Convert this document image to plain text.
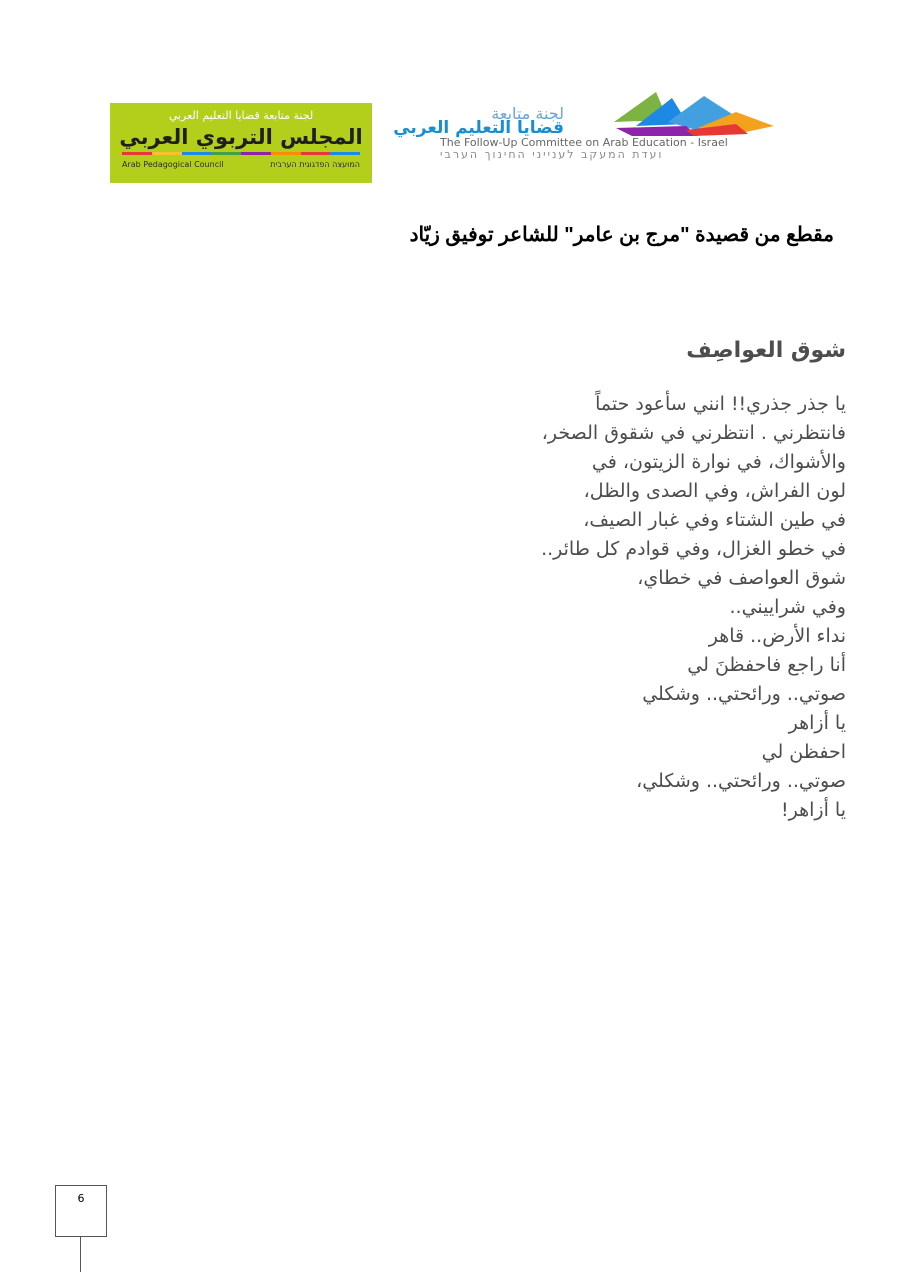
لجنة متابعة قضايا التعليم العربي
المجلس التربوي العربي
Arab Pedagogical Council	המועצה הפדגוגית הערבית
لجنة متابعة
قضايا التعليم العربي
The Follow-Up Committee on Arab Education - Israel
ועדת המעקב לענייני החינוך הערבי
مقطع من قصيدة "مرج بن عامر" للشاعر توفيق زيّاد
شوق العواصِف
يا جذر جذري!! انني سأعود حتماً
فانتظرني . انتظرني في شقوق الصخر،
والأشواك، في نوارة الزيتون، في
لون الفراش، وفي الصدى والظل،
في طين الشتاء وفي غبار الصيف،
في خطو الغزال، وفي قوادم كل طائر..
شوق العواصف في خطاي،
وفي شراييني..
نداء الأرض.. قاهر
أنا راجع فاحفظنَ لي
صوتي.. ورائحتي.. وشكلي
يا أزاهر
احفظن لي
صوتي.. ورائحتي.. وشكلي،
يا أزاهر!
6
